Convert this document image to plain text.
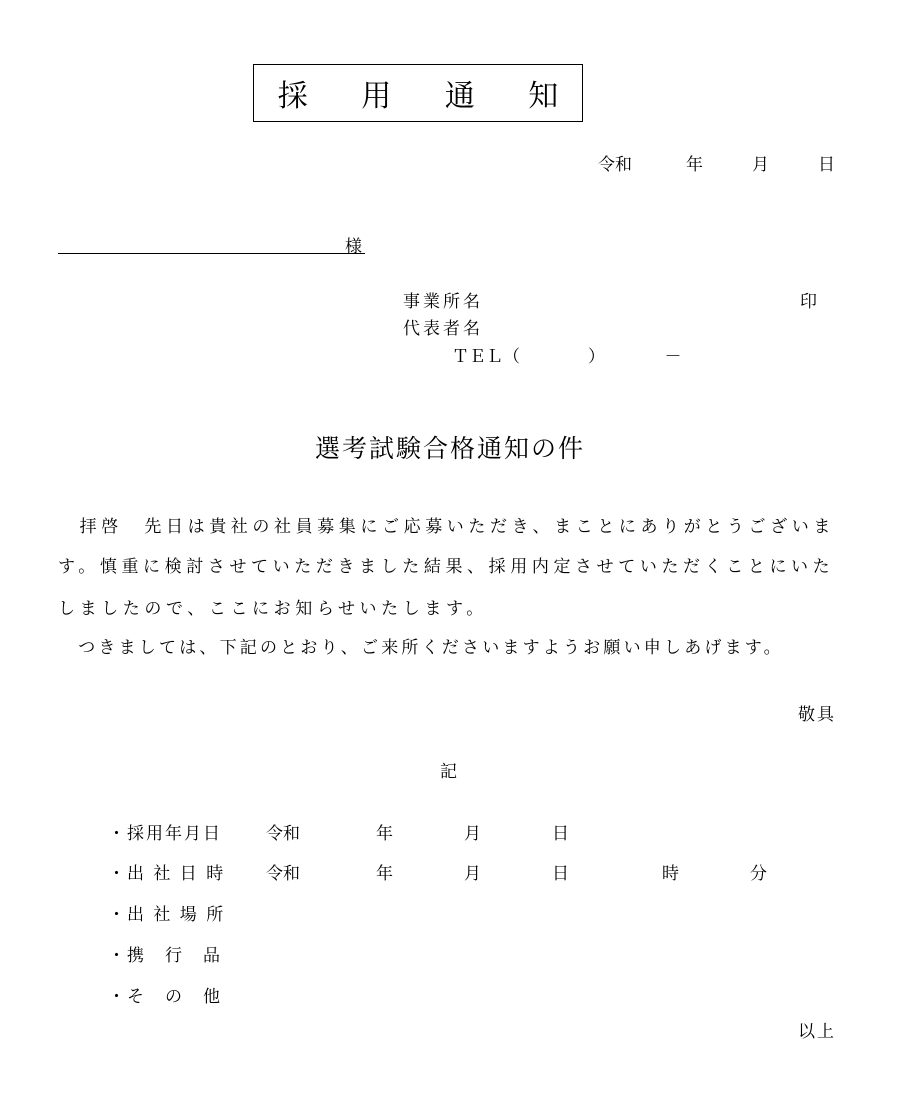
採 用 通 知
令和	年	月	日
様
事業所名	印
代表者名
ＴＥＬ（　　　　）　　　　－
選考試験合格通知の件
　拝啓　先日は貴社の社員募集にご応募いただき、まことにありがとうございま
す。慎重に検討させていただきました結果、採用内定させていただくことにいた
しましたので、ここにお知らせいたします。
　つきましては、下記のとおり、ご来所くださいますようお願い申しあげます。
敬具
記
・採用年月日	令和	年	月	日
・出 社 日 時 令和	年	月	日	時	分
・出 社 場 所
・携　行　品
・そ　の　他
以上
